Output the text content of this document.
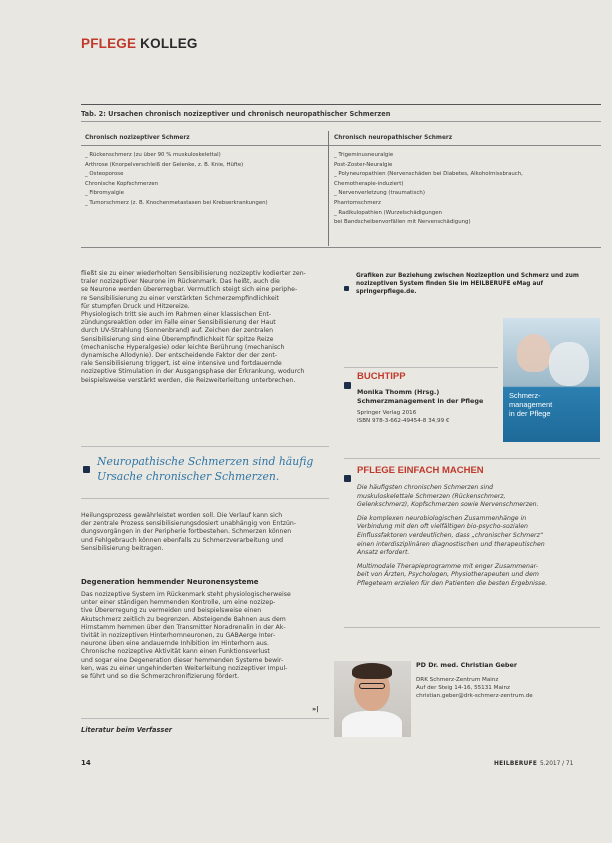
PFLEGE KOLLEG
Tab. 2: Ursachen chronisch nozizeptiver und chronisch neuropathischer Schmerzen
Chronisch nozizeptiver Schmerz	Chronisch neuropathischer Schmerz
_ Rückenschmerz (zu über 90 % muskuloskelettal)
Arthrose (Knorpelverschleiß der Gelenke, z. B. Knie, Hüfte)
_ Osteoporose
Chronische Kopfschmerzen
_ Fibromyalgie
_ Tumorschmerz (z. B. Knochenmetastasen bei Krebserkrankungen)
_ Trigeminusneuralgie
Post-Zoster-Neuralgie
_ Polyneuropathien (Nervenschäden bei Diabetes, Alkoholmissbrauch,
Chemotherapie-induziert)
_ Nervenverletzung (traumatisch)
Phantomschmerz
_ Radikulopathien (Wurzelschädigungen
bei Bandscheibenvorfällen mit Nervenschädigung)
fließt sie zu einer wiederholten Sensibilisierung nozizeptiv kodierter zen-
traler nozizeptiver Neurone im Rückenmark. Das heißt, auch die
se Neurone werden übererregbar. Vermutlich steigt sich eine periphe-
re Sensibilisierung zu einer verstärkten Schmerzempfindlichkeit
für stumpfen Druck und Hitzereize.
Physiologisch tritt sie auch im Rahmen einer klassischen Ent-
zündungsreaktion oder im Falle einer Sensibilisierung der Haut
durch UV-Strahlung (Sonnenbrand) auf. Zeichen der zentralen
Sensibilisierung sind eine Überempfindlichkeit für spitze Reize
(mechanische Hyperalgesie) oder leichte Berührung (mechanisch
dynamische Allodynie). Der entscheidende Faktor der der zent-
rale Sensibilisierung triggert, ist eine intensive und fortdauernde
nozizeptive Stimulation in der Ausgangsphase der Erkrankung, wodurch
beispielsweise verstärkt werden, die Reizweiterleitung unterbrechen.
Neuropathische Schmerzen sind häufig
Ursache chronischer Schmerzen.
Heilungsprozess gewährleistet worden soll. Die Verlauf kann sich
der zentrale Prozess sensibilisierungsdosiert unabhängig von Entzün-
dungsvorgängen in der Peripherie fortbestehen. Schmerzen können
und Fehlgebrauch können ebenfalls zu Schmerzverarbeitung und
Sensibilisierung beitragen.
Degeneration hemmender Neuronensysteme
Das nozizeptive System im Rückenmark steht physiologischerweise
unter einer ständigen hemmenden Kontrolle, um eine nozizep-
tive Übererregung zu vermeiden und beispielsweise einen
Akutschmerz zeitlich zu begrenzen. Absteigende Bahnen aus dem
Hirnstamm hemmen über den Transmitter Noradrenalin in der Ak-
tivität in nozizeptiven Hinterhornneuronen, zu GABAerge Inter-
neurone üben eine andauernde Inhibition im Hinterhorn aus.
Chronische nozizeptive Aktivität kann einen Funktionsverlust
und sogar eine Degeneration dieser hemmenden Systeme bewir-
ken, was zu einer ungehinderten Weiterleitung nozizeptiver Impul-
se führt und so die Schmerzchronifizierung fördert.
»|
Literatur beim Verfasser
Grafiken zur Beziehung zwischen Nozizeption und Schmerz und zum
nozizeptiven System finden Sie im HEILBERUFE eMag auf
springerpflege.de.
Schmerz-
management
in der Pflege
BUCHTIPP
Monika Thomm (Hrsg.)
Schmerzmanagement in der Pflege
Springer Verlag 2016
ISBN 978-3-662-49454-8 34,99 €
PFLEGE EINFACH MACHEN
Die häufigsten chronischen Schmerzen sind
muskuloskelettale Schmerzen (Rückenschmerz,
Gelenkschmerz), Kopfschmerzen sowie Nervenschmerzen.
Die komplexen neurobiologischen Zusammenhänge in
Verbindung mit den oft vielfältigen bio-psycho-sozialen
Einflussfaktoren verdeutlichen, dass „chronischer Schmerz“
einen interdisziplinären diagnostischen und therapeutischen
Ansatz erfordert.
Multimodale Therapieprogramme mit enger Zusammenar-
beit von Ärzten, Psychologen, Physiotherapeuten und dem
Pflegeteam erzielen für den Patienten die besten Ergebnisse.
PD Dr. med. Christian Geber
DRK Schmerz-Zentrum Mainz
Auf der Steig 14-16, 55131 Mainz
christian.geber@drk-schmerz-zentrum.de
14	HEILBERUFE 5.2017 / 71
